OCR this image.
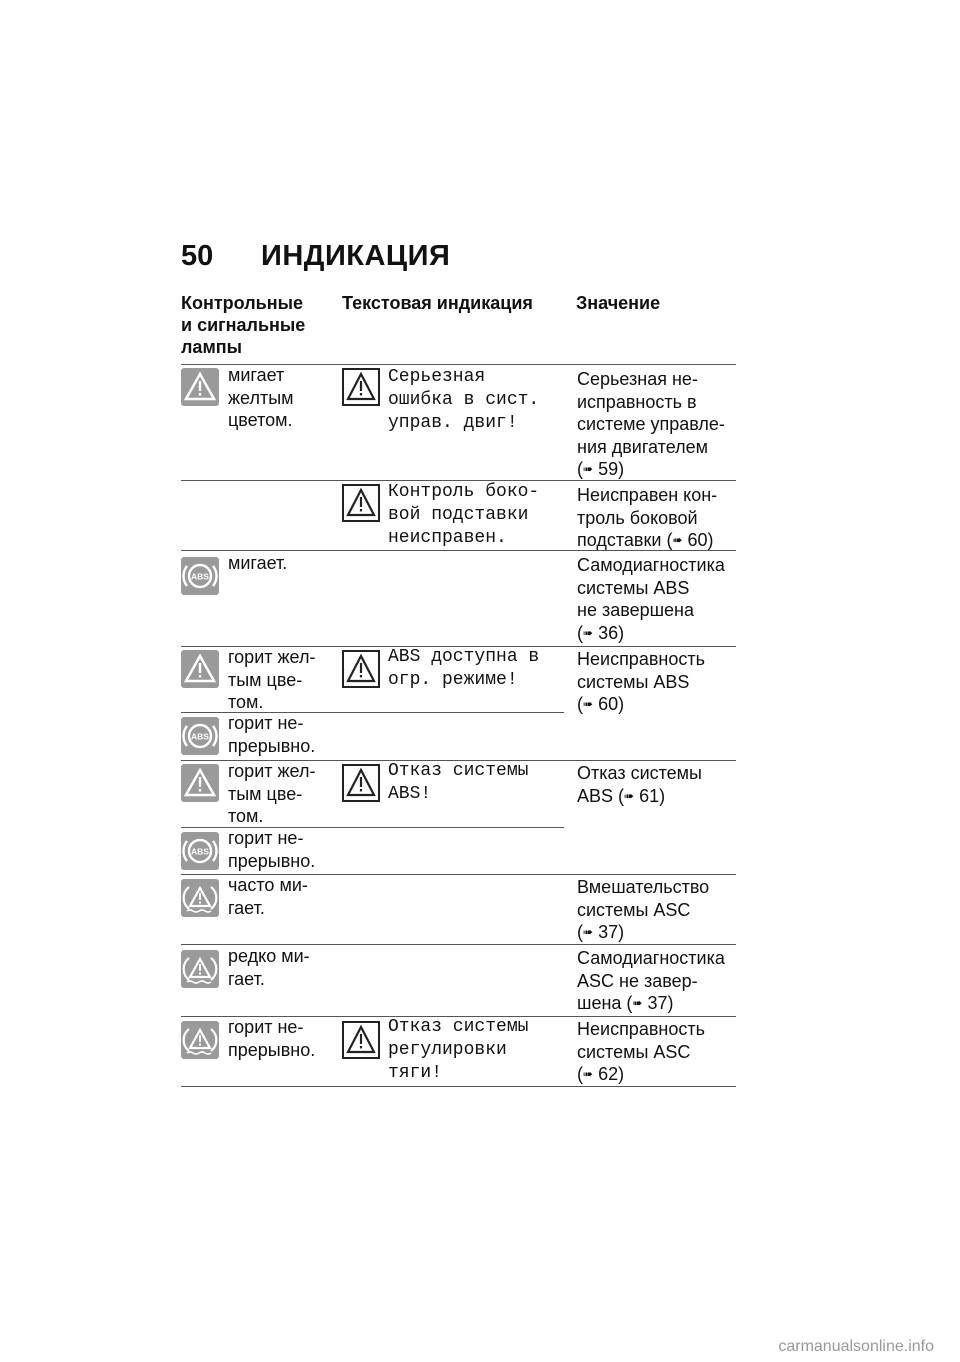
50 ИНДИКАЦИЯ
Контрольные
и сигнальные
лампы
Текстовая индикация Значение
мигает
желтым
цветом.
Серьезная
ошибка в сист.
управ. двиг!
Серьезная не-
исправность в
системе управле-
ния двигателем
(➠ 59)
Контроль боко-
вой подставки
неисправен.
Неисправен кон-
троль боковой
подставки (➠ 60)
ABS
мигает.	Самодиагностика
системы ABS
не завершена
(➠ 36)
горит жел-
тым цве-
том.
ABS доступна в
огр. режиме!
Неисправность
системы ABS
(➠ 60)
ABS
горит не-
прерывно.
горит жел-
тым цве-
том.
Отказ системы
ABS!
Отказ системы
ABS (➠ 61)
ABS
горит не-
прерывно.
часто ми-
гает.
Вмешательство
системы ASC
(➠ 37)
редко ми-
гает.
Самодиагностика
ASC не завер-
шена (➠ 37)
горит не-
прерывно.
Отказ системы
регулировки
тяги!
Неисправность
системы ASC
(➠ 62)
carmanualsonline.info
